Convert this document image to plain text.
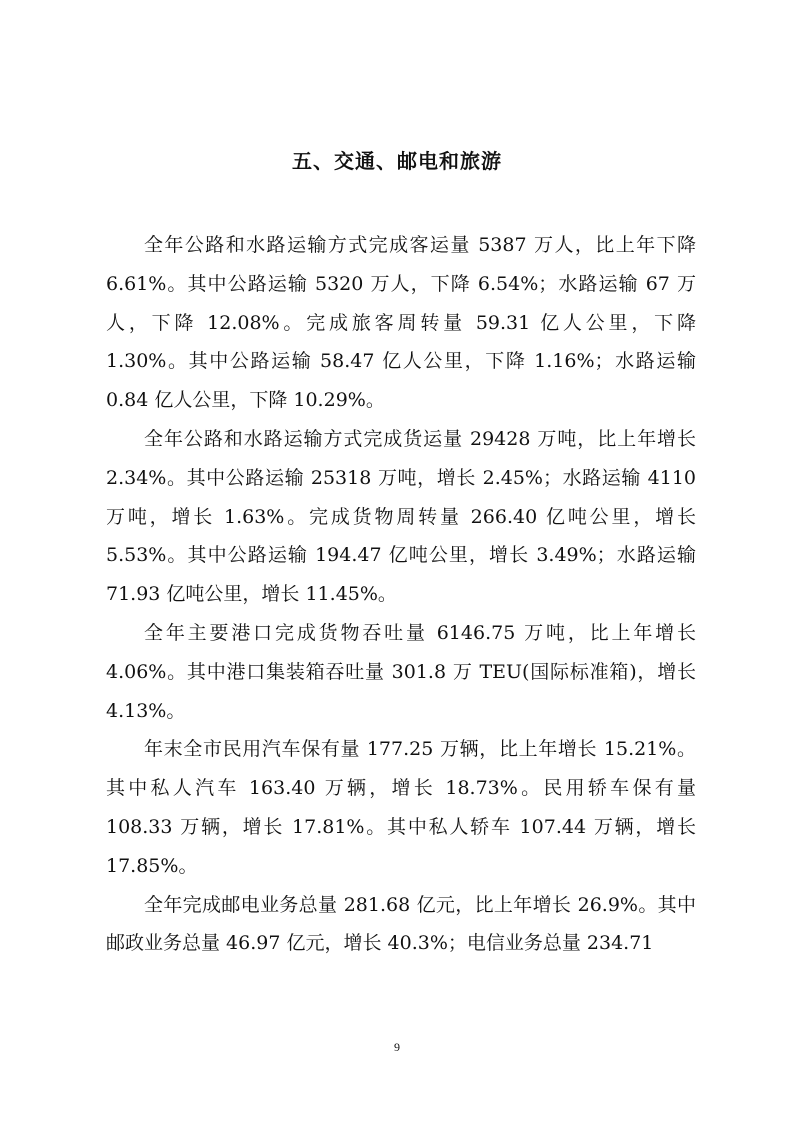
五、交通、邮电和旅游

全年公路和水路运输方式完成客运量 5387 万人，比上年下降 6.61%。其中公路运输 5320 万人，下降 6.54%；水路运输 67 万人，下降 12.08%。完成旅客周转量 59.31 亿人公里，下降 1.30%。其中公路运输 58.47 亿人公里，下降 1.16%；水路运输 0.84 亿人公里，下降 10.29%。

全年公路和水路运输方式完成货运量 29428 万吨，比上年增长 2.34%。其中公路运输 25318 万吨，增长 2.45%；水路运输 4110 万吨，增长 1.63%。完成货物周转量 266.40 亿吨公里，增长 5.53%。其中公路运输 194.47 亿吨公里，增长 3.49%；水路运输 71.93 亿吨公里，增长 11.45%。

全年主要港口完成货物吞吐量 6146.75 万吨，比上年增长 4.06%。其中港口集装箱吞吐量 301.8 万 TEU(国际标准箱)，增长 4.13%。

年末全市民用汽车保有量 177.25 万辆，比上年增长 15.21%。其中私人汽车 163.40 万辆，增长 18.73%。民用轿车保有量 108.33 万辆，增长 17.81%。其中私人轿车 107.44 万辆，增长 17.85%。

全年完成邮电业务总量 281.68 亿元，比上年增长 26.9%。其中邮政业务总量 46.97 亿元，增长 40.3%；电信业务总量 234.71

9
